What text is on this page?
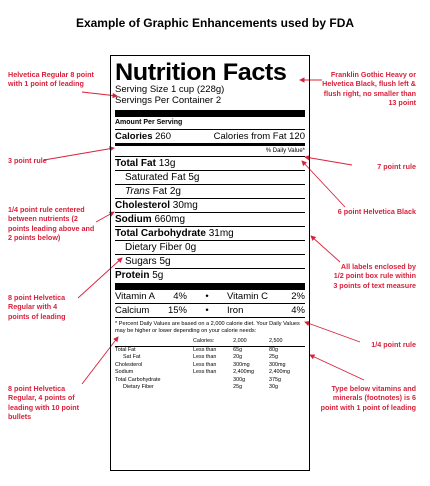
Example of Graphic Enhancements used by FDA
Helvetica Regular 8 point with 1 point of leading
3 point rule
1/4 point rule centered between nutrients (2 points leading above and 2 points below)
8 point Helvetica Regular with 4 points of leading
8 point Helvetica Regular, 4 points of leading with 10 point bullets
Franklin Gothic Heavy or Helvetica Black, flush left & flush right, no smaller than 13 point
7 point rule
6 point Helvetica Black
All labels enclosed by 1/2 point box rule within 3 points of text measure
1/4 point rule
Type below vitamins and minerals (footnotes) is 6 point with 1 point of leading
Nutrition Facts
Serving Size 1 cup (228g)
Servings Per Container 2
Amount Per Serving
Calories 260	Calories from Fat 120
% Daily Value*
Total Fat 13g
Saturated Fat 5g
Trans Fat 2g
Cholesterol 30mg
Sodium 660mg
Total Carbohydrate 31mg
Dietary Fiber 0g
Sugars 5g
Protein 5g
Vitamin A 4%	•	Vitamin C 2%
Calcium 15%	•	Iron	4%
* Percent Daily Values are based on a 2,000 calorie diet. Your Daily Values may be higher or lower depending on your calorie needs:
	Calories:	2,000	2,500
Total Fat	Less than	65g	80g
Sat Fat	Less than	20g	25g
Cholesterol	Less than	300mg	300mg
Sodium	Less than	2,400mg	2,400mg
Total Carbohydrate		300g	375g
Dietary Fiber		25g	30g
